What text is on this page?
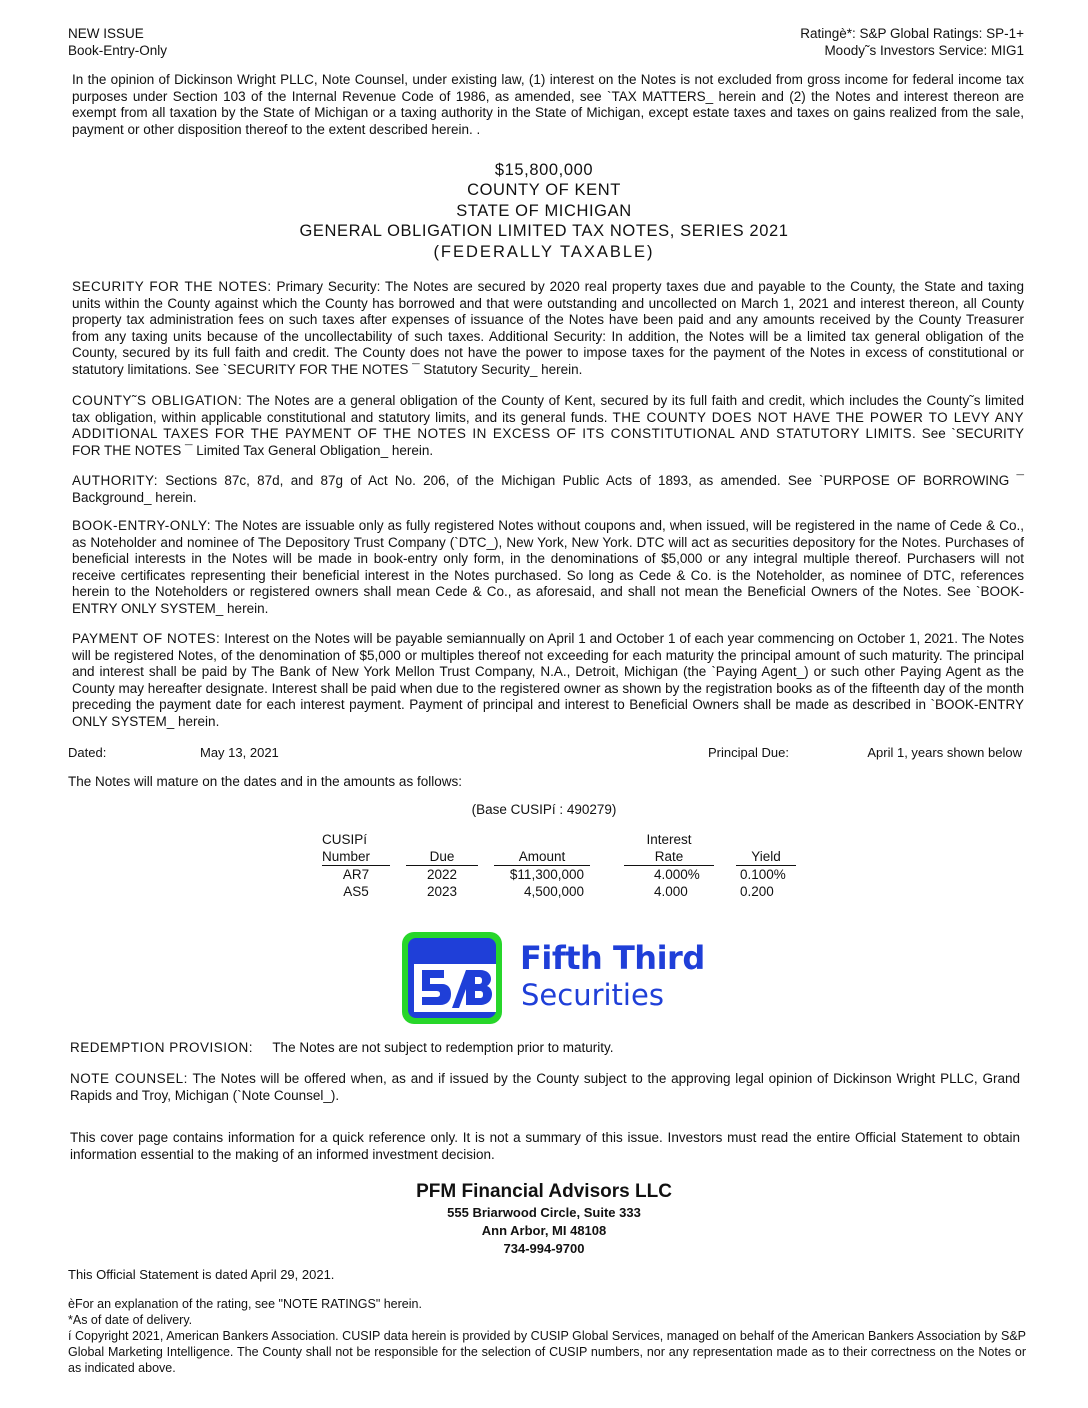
NEW ISSUE
Book-Entry-Only
Ratingè*: S&P Global Ratings: SP-1+
Moody˜s Investors Service: MIG1

In the opinion of Dickinson Wright PLLC, Note Counsel, under existing law, (1) interest on the Notes is not excluded from gross income for federal income tax purposes under Section 103 of the Internal Revenue Code of 1986, as amended, see `TAX MATTERS_ herein and (2) the Notes and interest thereon are exempt from all taxation by the State of Michigan or a taxing authority in the State of Michigan, except estate taxes and taxes on gains realized from the sale, payment or other disposition thereof to the extent described herein. .

$15,800,000
COUNTY OF KENT
STATE OF MICHIGAN
GENERAL OBLIGATION LIMITED TAX NOTES, SERIES 2021
(FEDERALLY TAXABLE)

SECURITY FOR THE NOTES: Primary Security: The Notes are secured by 2020 real property taxes due and payable to the County, the State and taxing units within the County against which the County has borrowed and that were outstanding and uncollected on March 1, 2021 and interest thereon, all County property tax administration fees on such taxes after expenses of issuance of the Notes have been paid and any amounts received by the County Treasurer from any taxing units because of the uncollectability of such taxes. Additional Security: In addition, the Notes will be a limited tax general obligation of the County, secured by its full faith and credit. The County does not have the power to impose taxes for the payment of the Notes in excess of constitutional or statutory limitations. See `SECURITY FOR THE NOTES ¯ Statutory Security_ herein.

COUNTY˜S OBLIGATION: The Notes are a general obligation of the County of Kent, secured by its full faith and credit, which includes the County˜s limited tax obligation, within applicable constitutional and statutory limits, and its general funds. THE COUNTY DOES NOT HAVE THE POWER TO LEVY ANY ADDITIONAL TAXES FOR THE PAYMENT OF THE NOTES IN EXCESS OF ITS CONSTITUTIONAL AND STATUTORY LIMITS. See `SECURITY FOR THE NOTES ¯ Limited Tax General Obligation_ herein.

AUTHORITY: Sections 87c, 87d, and 87g of Act No. 206, of the Michigan Public Acts of 1893, as amended. See `PURPOSE OF BORROWING ¯ Background_ herein.

BOOK-ENTRY-ONLY: The Notes are issuable only as fully registered Notes without coupons and, when issued, will be registered in the name of Cede & Co., as Noteholder and nominee of The Depository Trust Company (`DTC_), New York, New York. DTC will act as securities depository for the Notes. Purchases of beneficial interests in the Notes will be made in book-entry only form, in the denominations of $5,000 or any integral multiple thereof. Purchasers will not receive certificates representing their beneficial interest in the Notes purchased. So long as Cede & Co. is the Noteholder, as nominee of DTC, references herein to the Noteholders or registered owners shall mean Cede & Co., as aforesaid, and shall not mean the Beneficial Owners of the Notes. See `BOOK-ENTRY ONLY SYSTEM_ herein.

PAYMENT OF NOTES: Interest on the Notes will be payable semiannually on April 1 and October 1 of each year commencing on October 1, 2021. The Notes will be registered Notes, of the denomination of $5,000 or multiples thereof not exceeding for each maturity the principal amount of such maturity. The principal and interest shall be paid by The Bank of New York Mellon Trust Company, N.A., Detroit, Michigan (the `Paying Agent_) or such other Paying Agent as the County may hereafter designate. Interest shall be paid when due to the registered owner as shown by the registration books as of the fifteenth day of the month preceding the payment date for each interest payment. Payment of principal and interest to Beneficial Owners shall be made as described in `BOOK-ENTRY ONLY SYSTEM_ herein.

Dated:	May 13, 2021	Principal Due:	April 1, years shown below
The Notes will mature on the dates and in the amounts as follows:
(Base CUSIPí : 490279)
CUSIPí						Interest		
Number		Due		Amount		Rate		Yield
AR7		2022		$11,300,000		4.000%		0.100%
AS5		2023		4,500,000		4.000		0.200
Fifth Third
Securities
REDEMPTION PROVISION: The Notes are not subject to redemption prior to maturity.

NOTE COUNSEL: The Notes will be offered when, as and if issued by the County subject to the approving legal opinion of Dickinson Wright PLLC, Grand Rapids and Troy, Michigan (`Note Counsel_).

This cover page contains information for a quick reference only. It is not a summary of this issue. Investors must read the entire Official Statement to obtain information essential to the making of an informed investment decision.

PFM Financial Advisors LLC
555 Briarwood Circle, Suite 333
Ann Arbor, MI 48108
734-994-9700
This Official Statement is dated April 29, 2021.
èFor an explanation of the rating, see "NOTE RATINGS" herein.
*As of date of delivery.
í Copyright 2021, American Bankers Association. CUSIP data herein is provided by CUSIP Global Services, managed on behalf of the American Bankers Association by S&P Global Marketing Intelligence. The County shall not be responsible for the selection of CUSIP numbers, nor any representation made as to their correctness on the Notes or as indicated above.
